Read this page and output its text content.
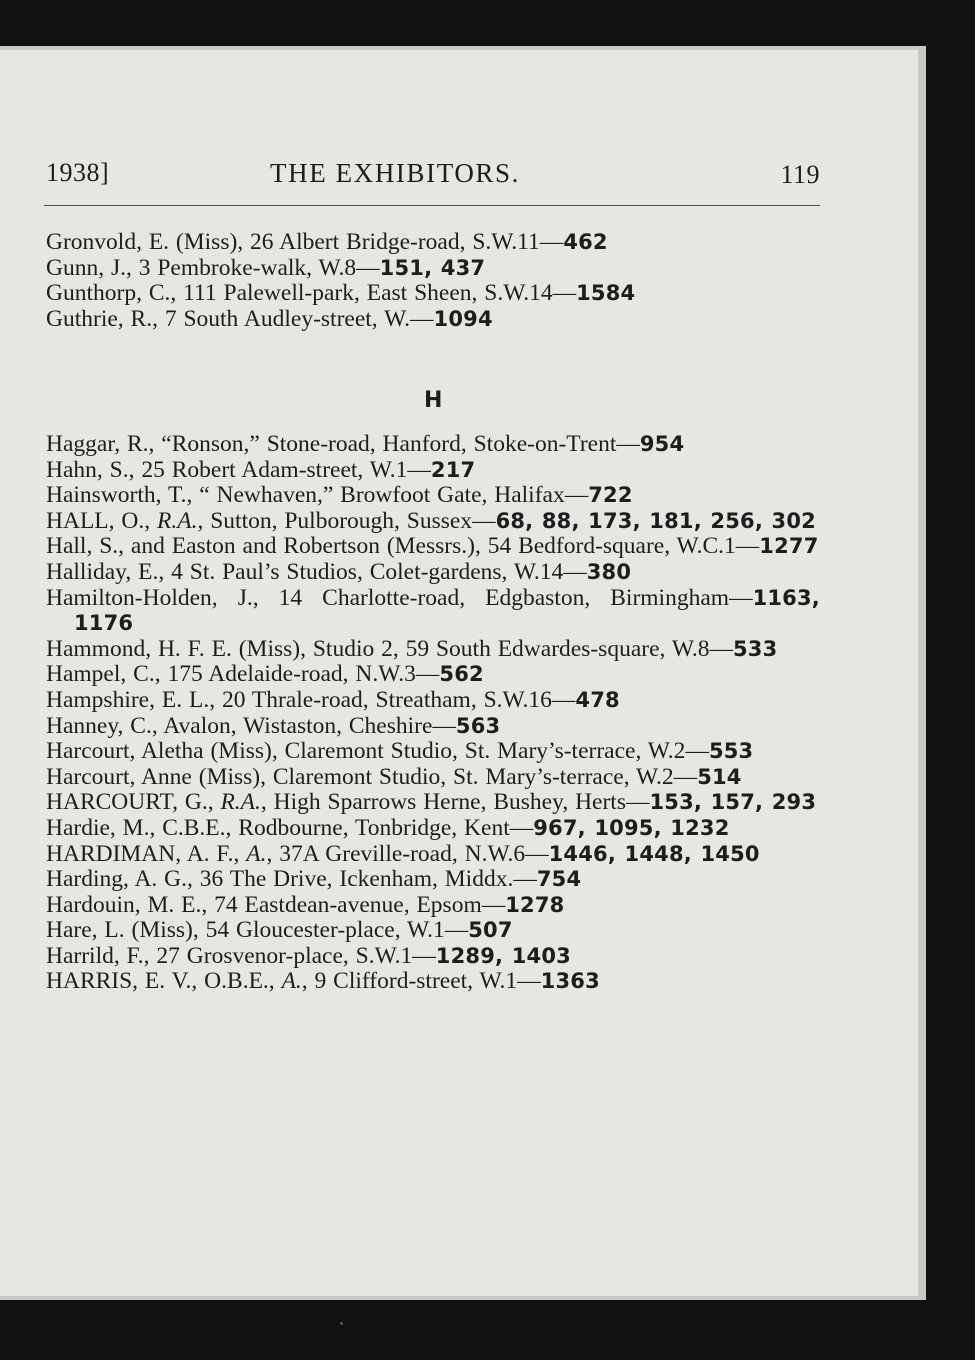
1938]	THE EXHIBITORS.	119

Gronvold, E. (Miss), 26 Albert Bridge-road, S.W.11—462

Gunn, J., 3 Pembroke-walk, W.8—151, 437

Gunthorp, C., 111 Palewell-park, East Sheen, S.W.14—1584

Guthrie, R., 7 South Audley-street, W.—1094

H

Haggar, R., “Ronson,” Stone-road, Hanford, Stoke-on-Trent—954

Hahn, S., 25 Robert Adam-street, W.1—217

Hainsworth, T., “ Newhaven,” Browfoot Gate, Halifax—722

HALL, O., R.A., Sutton, Pulborough, Sussex—68, 88, 173, 181, 256, 302

Hall, S., and Easton and Robertson (Messrs.), 54 Bedford-square, W.C.1—1277

Halliday, E., 4 St. Paul’s Studios, Colet-gardens, W.14—380

Hamilton-Holden, J., 14 Charlotte-road, Edgbaston, Birmingham—1163, 1176

Hammond, H. F. E. (Miss), Studio 2, 59 South Edwardes-square, W.8—533

Hampel, C., 175 Adelaide-road, N.W.3—562

Hampshire, E. L., 20 Thrale-road, Streatham, S.W.16—478

Hanney, C., Avalon, Wistaston, Cheshire—563

Harcourt, Aletha (Miss), Claremont Studio, St. Mary’s-terrace, W.2—553

Harcourt, Anne (Miss), Claremont Studio, St. Mary’s-terrace, W.2—514

HARCOURT, G., R.A., High Sparrows Herne, Bushey, Herts—153, 157, 293

Hardie, M., C.B.E., Rodbourne, Tonbridge, Kent—967, 1095, 1232

HARDIMAN, A. F., A., 37A Greville-road, N.W.6—1446, 1448, 1450

Harding, A. G., 36 The Drive, Ickenham, Middx.—754

Hardouin, M. E., 74 Eastdean-avenue, Epsom—1278

Hare, L. (Miss), 54 Gloucester-place, W.1—507

Harrild, F., 27 Grosvenor-place, S.W.1—1289, 1403

HARRIS, E. V., O.B.E., A., 9 Clifford-street, W.1—1363
